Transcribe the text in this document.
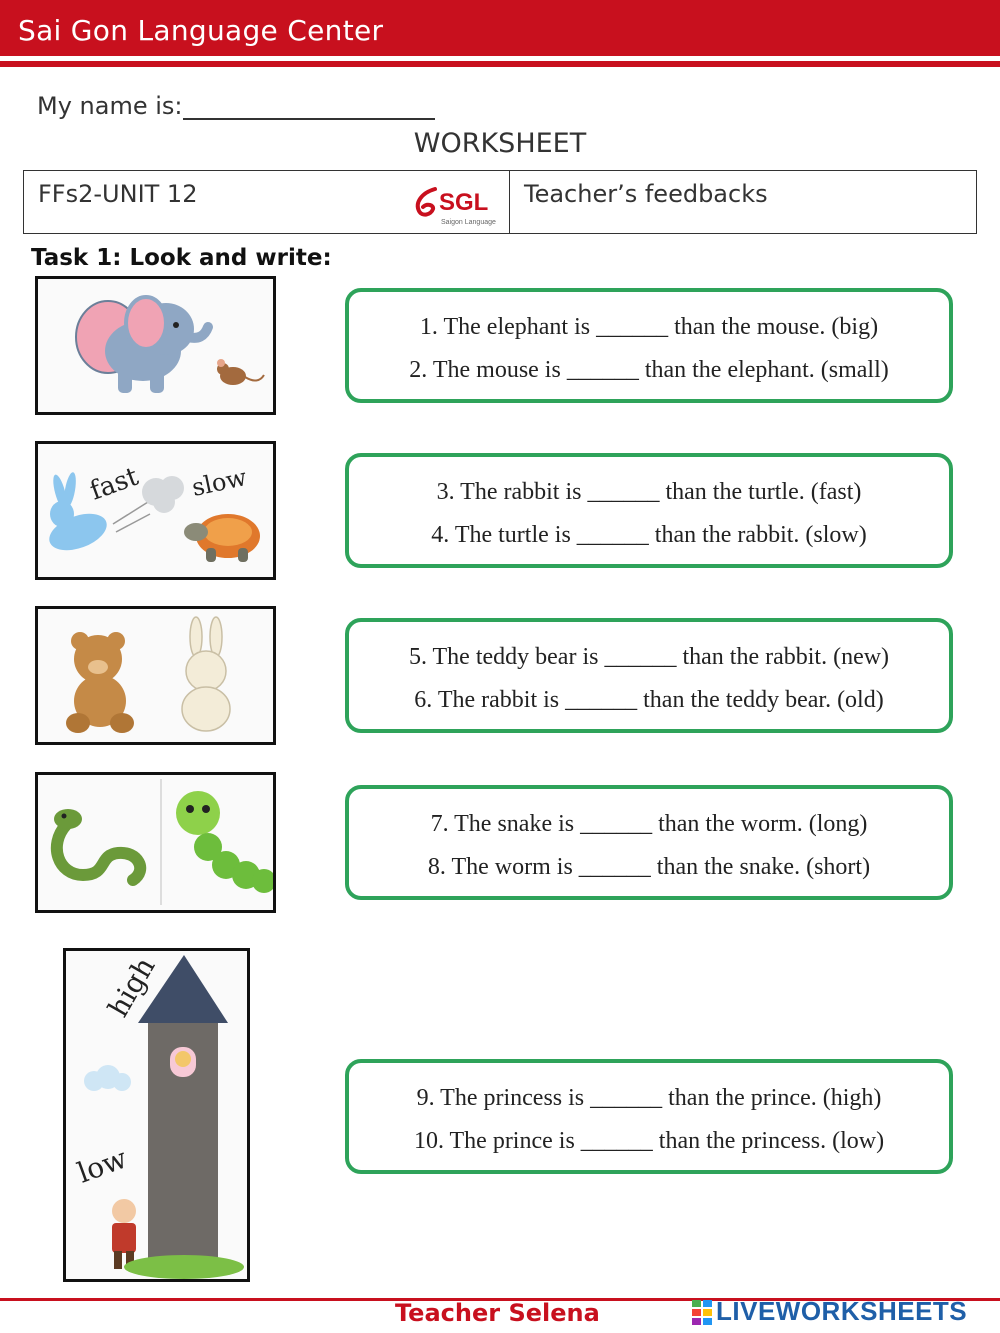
Sai Gon Language Center
My name is:
WORKSHEET
FFs2-UNIT 12	SGL
Saigon Language
Teacher’s feedbacks
Task 1: Look and write:
fast slow
high
low
1. The elephant is ______ than the mouse. (big)
2. The mouse is ______ than the elephant. (small)
3. The rabbit is ______ than the turtle. (fast)
4. The turtle is ______ than the rabbit. (slow)
5. The teddy bear is ______ than the rabbit. (new)
6. The rabbit is ______ than the teddy bear. (old)
7. The snake is ______ than the worm. (long)
8. The worm is ______ than the snake. (short)
9. The princess is ______ than the prince. (high)
10. The prince is ______ than the princess. (low)
Teacher Selena	LIVEWORKSHEETS
